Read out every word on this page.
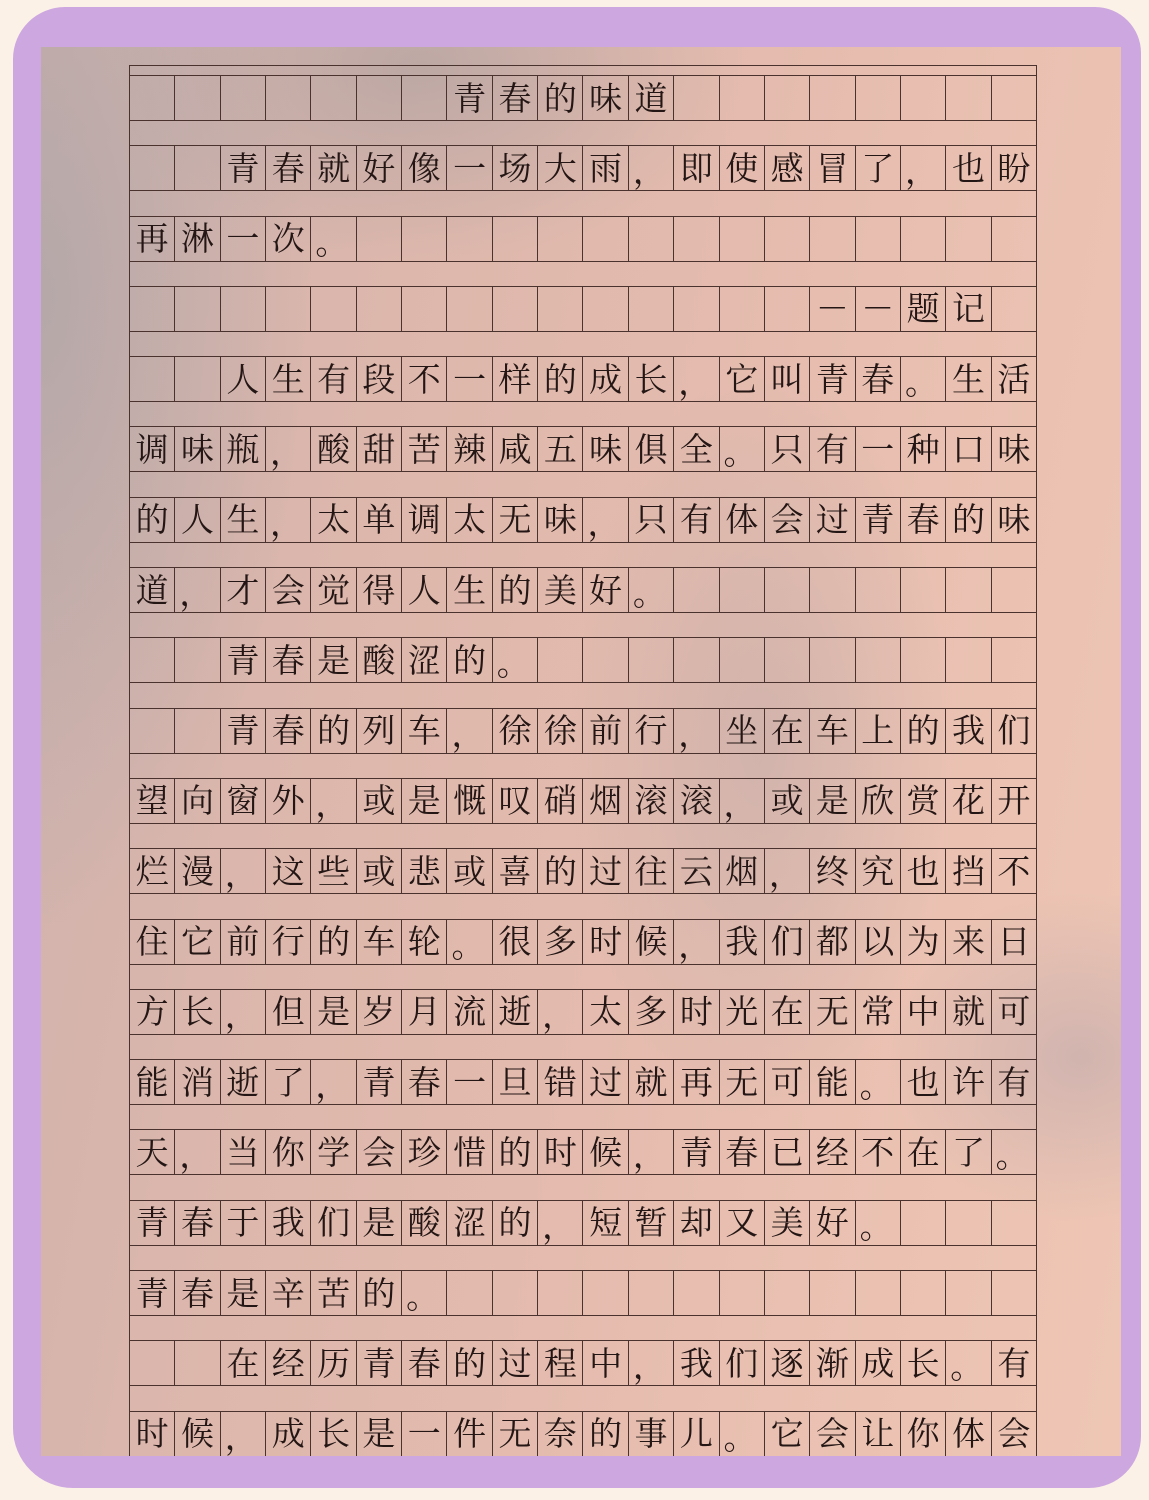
青 春 的 味 道
青 春 就 好 像 一 场 大 雨 ， 即 使 感 冒 了 ， 也 盼
再 淋 一 次 。
－ － 题 记
人 生 有 段 不 一 样 的 成 长 ， 它 叫 青 春 。 生 活
调 味 瓶 ， 酸 甜 苦 辣 咸 五 味 俱 全 。 只 有 一 种 口 味
的 人 生 ， 太 单 调 太 无 味 ， 只 有 体 会 过 青 春 的 味
道 ， 才 会 觉 得 人 生 的 美 好 。
青 春 是 酸 涩 的 。
青 春 的 列 车 ， 徐 徐 前 行 ， 坐 在 车 上 的 我 们
望 向 窗 外 ， 或 是 慨 叹 硝 烟 滚 滚 ， 或 是 欣 赏 花 开
烂 漫 ， 这 些 或 悲 或 喜 的 过 往 云 烟 ， 终 究 也 挡 不
住 它 前 行 的 车 轮 。 很 多 时 候 ， 我 们 都 以 为 来 日
方 长 ， 但 是 岁 月 流 逝 ， 太 多 时 光 在 无 常 中 就 可
能 消 逝 了 ， 青 春 一 旦 错 过 就 再 无 可 能 。 也 许 有
天 ， 当 你 学 会 珍 惜 的 时 候 ， 青 春 已 经 不 在 了 。
青 春 于 我 们 是 酸 涩 的 ， 短 暂 却 又 美 好 。
青 春 是 辛 苦 的 。
在 经 历 青 春 的 过 程 中 ， 我 们 逐 渐 成 长 。 有
时 候 ， 成 长 是 一 件 无 奈 的 事 儿 。 它 会 让 你 体 会
